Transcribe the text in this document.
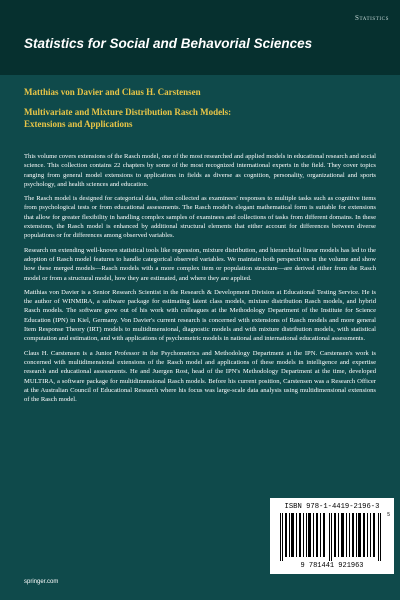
Statistics
Statistics for Social and Behavorial Sciences
Matthias von Davier and Claus H. Carstensen
Multivariate and Mixture Distribution Rasch Models:
Extensions and Applications

This volume covers extensions of the Rasch model, one of the most researched and applied models in educational research and social science. This collection contains 22 chapters by some of the most recognized international experts in the field. They cover topics ranging from general model extensions to applications in fields as diverse as cognition, personality, organizational and sports psychology, and health sciences and education.

The Rasch model is designed for categorical data, often collected as examinees' responses to multiple tasks such as cognitive items from psychological tests or from educational assessments. The Rasch model's elegant mathematical form is suitable for extensions that allow for greater flexibility in handling complex samples of examinees and collections of tasks from different domains. In these extensions, the Rasch model is enhanced by additional structural elements that either account for differences between diverse populations or for differences among observed variables.

Research on extending well-known statistical tools like regression, mixture distribution, and hierarchical linear models has led to the adoption of Rasch model features to handle categorical observed variables. We maintain both perspectives in the volume and show how these merged models—Rasch models with a more complex item or population structure—are derived either from the Rasch model or from a structural model, how they are estimated, and where they are applied.

Matthias von Davier is a Senior Research Scientist in the Research & Development Division at Educational Testing Service. He is the author of WINMIRA, a software package for estimating latent class models, mixture distribution Rasch models, and hybrid Rasch models. The software grew out of his work with colleagues at the Methodology Department of the Institute for Science Education (IPN) in Kiel, Germany. Von Davier's current research is concerned with extensions of Rasch models and more general Item Response Theory (IRT) models to multidimensional, diagnostic models and with mixture distribution models, with statistical computation and estimation, and with applications of psychometric models in national and international educational assessments.

Claus H. Carstensen is a Junior Professor in the Psychometrics and Methodology Department at the IPN. Carstensen's work is concerned with multidimensional extensions of the Rasch model and applications of these models in intelligence and expertise research and educational assessments. He and Juergen Rost, head of the IPN's Methodology Department at the time, developed MULTIRA, a software package for multidimensional Rasch models. Before his current position, Carstensen was a Research Officer at the Australian Council of Educational Research where his focus was large-scale data analysis using multidimensional extensions of the Rasch model.

ISBN 978-1-4419-2196-3
5
9 781441 921963
springer.com
